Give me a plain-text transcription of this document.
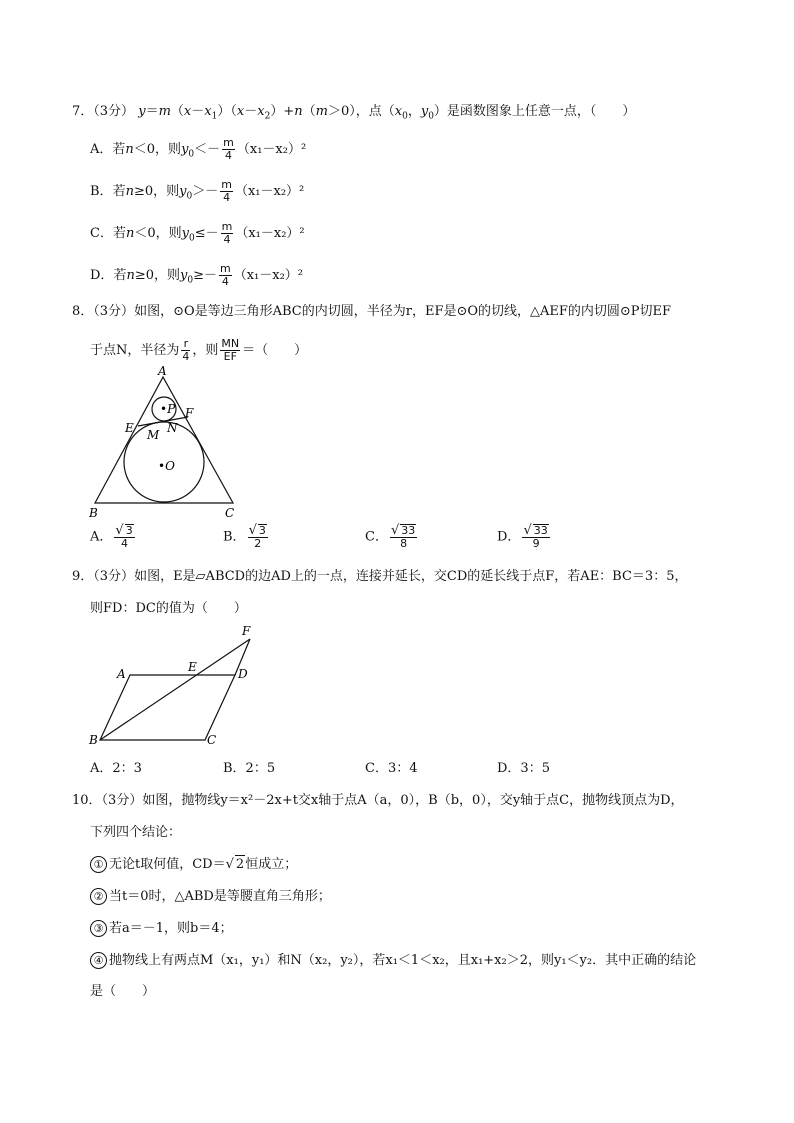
7．（3分） $y=m(x-x_1)(x-x_2)+n(m>0)$，点（$x_0$，$y_0$）是函数图象上任意一点，（　　）
A．若n＜0，则$y_0<- \frac{m}{4} (x_1-x_2)^2$
B．若n≥0，则$y_0>- \frac{m}{4} (x_1-x_2)^2$
C．若n＜0，则$y_0\le- \frac{m}{4} (x_1-x_2)^2$
D．若n≥0，则$y_0\ge- \frac{m}{4} (x_1-x_2)^2$
8．（3分）如图，⊙O是等边三角形ABC的内切圆，半径为r，EF是⊙O的切线，△AEF的内切圆⊙P切EF
于点N，半径为 $\frac{r}{4}$ ，则 $\frac{MN}{EF}$ ＝（　　）
A
B	C
E
F
M N
•P
•O
A． $\frac{√ 3}{4}$	B． $\frac{√ 3}{2}$	C． $\frac{√ 33}{8}$	D． $\frac{√ 33}{9}$
9．（3分）如图，E是▱ABCD的边AD上的一点，连接并延长，交CD的延长线于点F，若AE：BC＝3：5，
则FD：DC的值为（　　）
A	E	D
F
B	C
A．2：3	B．2：5	C．3：4	D．3：5
10．（3分）如图，抛物线y＝x²－2x+t交x轴于点A（a，0），B（b，0），交y轴于点C，抛物线顶点为D，
下列四个结论：
① 无论t取何值，CD＝√ 2恒成立；
② 当t＝0时，△ABD是等腰直角三角形；
③ 若a＝－1，则b＝4；
④ 抛物线上有两点M（x₁，y₁）和N（x₂，y₂），若x₁＜1＜x₂，且x₁+x₂＞2，则y₁＜y₂．其中正确的结论
是（　　）
